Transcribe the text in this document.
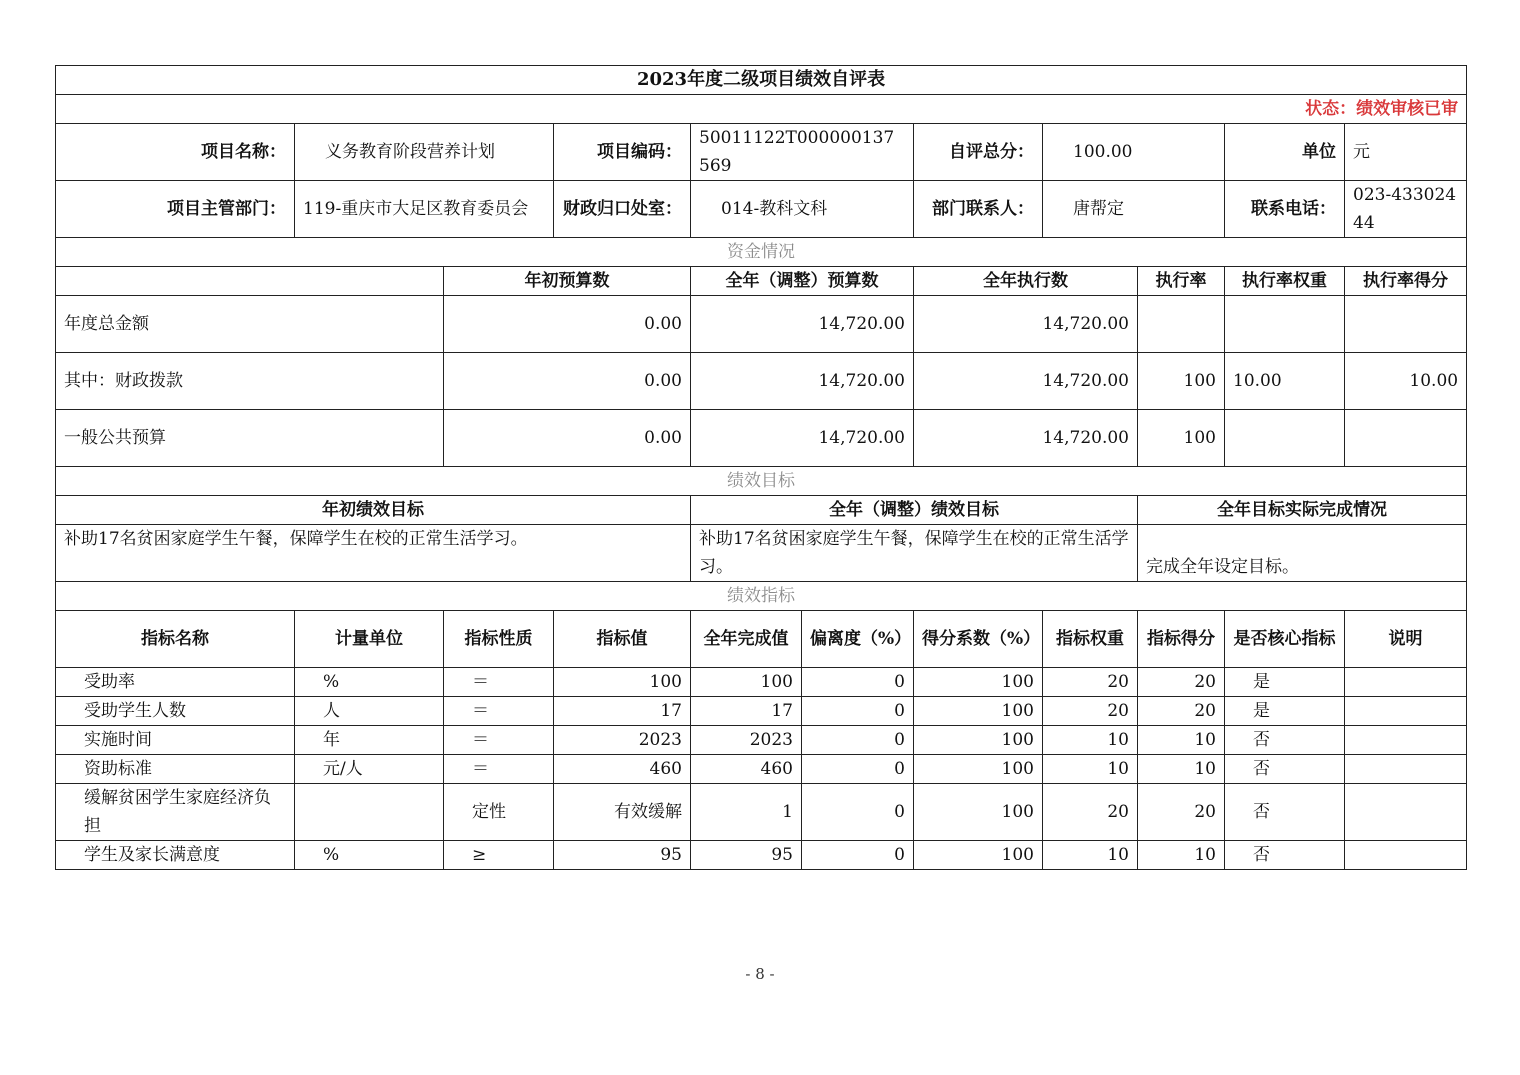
2023年度二级项目绩效自评表										
状态：绩效审核已审										
项目名称：	义务教育阶段营养计划		项目编码：	50011122T000000137569		自评总分：	100.00		单位	元
项目主管部门：	119-重庆市大足区教育委员会		财政归口处室：	014-教科文科		部门联系人：	唐帮定		联系电话：	023-43302444
资金情况										
		年初预算数		全年（调整）预算数		全年执行数		执行率	执行率权重	执行率得分
年度总金额		0.00		14,720.00		14,720.00				
其中：财政拨款		0.00		14,720.00		14,720.00		100	10.00	10.00
一般公共预算		0.00		14,720.00		14,720.00		100		
绩效目标										
年初绩效目标				全年（调整）绩效目标				全年目标实际完成情况		
补助17名贫困家庭学生午餐，保障学生在校的正常生活学习。				补助17名贫困家庭学生午餐，保障学生在校的正常生活学习。				完成全年设定目标。		
绩效指标										
指标名称	计量单位	指标性质	指标值	全年完成值	偏离度（%）	得分系数（%）	指标权重	指标得分	是否核心指标	说明
受助率	%	＝	100	100	0	100	20	20	是	
受助学生人数	人	＝	17	17	0	100	20	20	是	
实施时间	年	＝	2023	2023	0	100	10	10	否	
资助标准	元/人	＝	460	460	0	100	10	10	否	
缓解贫困学生家庭经济负担		定性	有效缓解	1	0	100	20	20	否	
学生及家长满意度	%	≥	95	95	0	100	10	10	否	
- 8 -
